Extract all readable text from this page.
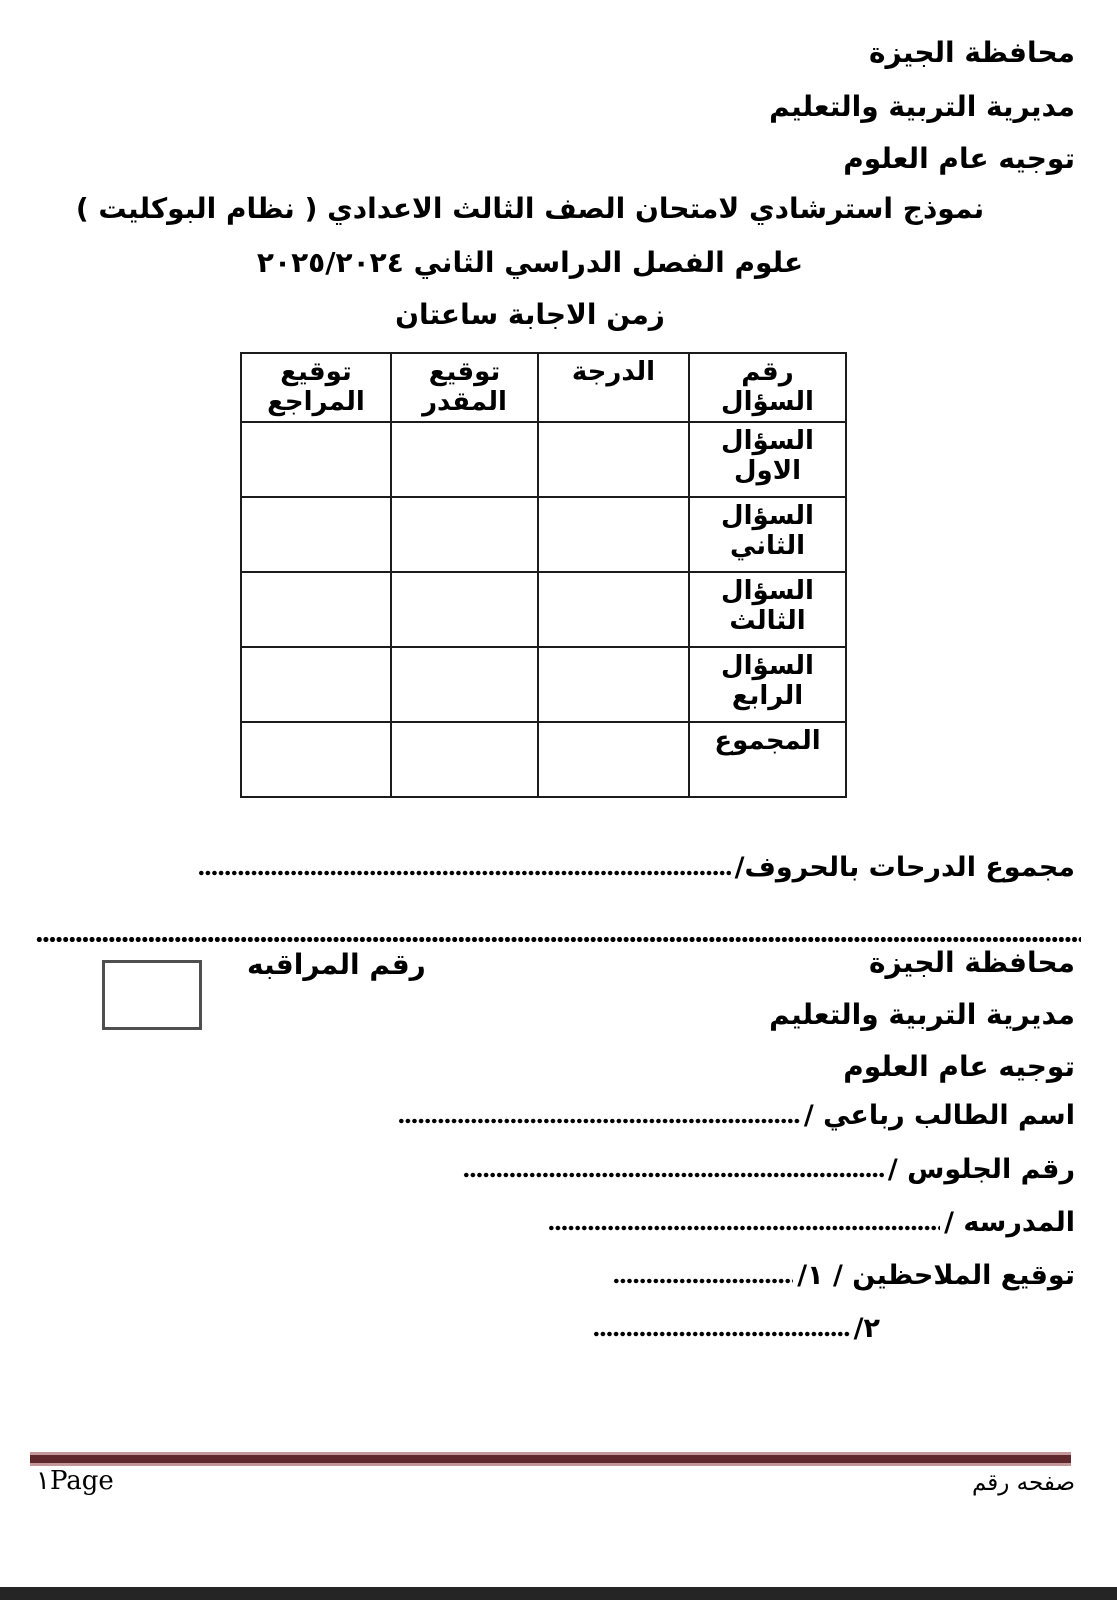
محافظة الجيزة
مديرية التربية والتعليم
توجيه عام العلوم
نموذج استرشادي لامتحان الصف الثالث الاعدادي ( نظام البوكليت )
علوم الفصل الدراسي الثاني ٢٠٢٥/٢٠٢٤
زمن الاجابة ساعتان
رقم السؤال	الدرجة	توقيع المقدر	توقيع المراجع
السؤال الاول			
السؤال الثاني			
السؤال الثالث			
السؤال الرابع			
المجموع			
مجموع الدرحات بالحروف/
محافظة الجيزة
رقم المراقبه
مديرية التربية والتعليم
توجيه عام العلوم
اسم الطالب رباعي /
رقم الجلوس /
المدرسه /
توقيع الملاحظين / ١/
٢/
صفحه رقم
١Page
